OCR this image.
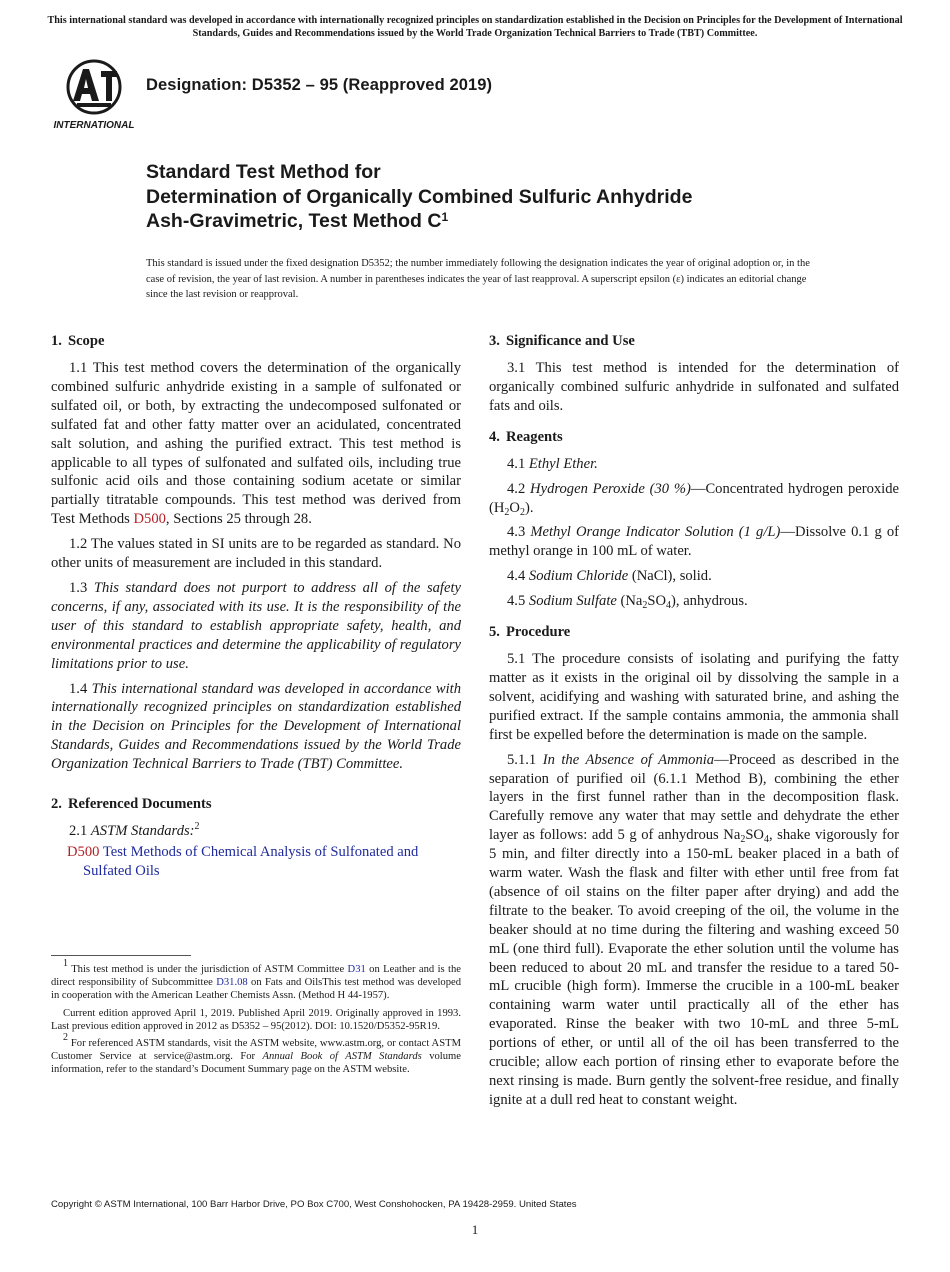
This international standard was developed in accordance with internationally recognized principles on standardization established in the Decision on Principles for the Development of International Standards, Guides and Recommendations issued by the World Trade Organization Technical Barriers to Trade (TBT) Committee.
INTERNATIONAL
Designation: D5352 – 95 (Reapproved 2019)
Standard Test Method for
Determination of Organically Combined Sulfuric Anhydride
Ash-Gravimetric, Test Method $C^1$
This standard is issued under the fixed designation D5352; the number immediately following the designation indicates the year of original adoption or, in the case of revision, the year of last revision. A number in parentheses indicates the year of last reapproval. A superscript epsilon (ε) indicates an editorial change since the last revision or reapproval.
1. Scope

1.1 This test method covers the determination of the organically combined sulfuric anhydride existing in a sample of sulfonated or sulfated oil, or both, by extracting the undecomposed sulfonated or sulfated fat and other fatty matter over an acidulated, concentrated salt solution, and ashing the purified extract. This test method is applicable to all types of sulfonated and sulfated oils, including true sulfonic acid oils and those containing sodium acetate or similar partially titratable compounds. This test method was derived from Test Methods D500, Sections 25 through 28.

1.2 The values stated in SI units are to be regarded as standard. No other units of measurement are included in this standard.

1.3 This standard does not purport to address all of the safety concerns, if any, associated with its use. It is the responsibility of the user of this standard to establish appropriate safety, health, and environmental practices and determine the applicability of regulatory limitations prior to use.

1.4 This international standard was developed in accordance with internationally recognized principles on standardization established in the Decision on Principles for the Development of International Standards, Guides and Recommendations issued by the World Trade Organization Technical Barriers to Trade (TBT) Committee.

2. Referenced Documents

2.1 ASTM Standards:$^2$

D500 Test Methods of Chemical Analysis of Sulfonated and Sulfated Oils

$^1$ This test method is under the jurisdiction of ASTM Committee D31 on Leather and is the direct responsibility of Subcommittee D31.08 on Fats and OilsThis test method was developed in cooperation with the American Leather Chemists Assn. (Method H 44-1957).

Current edition approved April 1, 2019. Published April 2019. Originally approved in 1993. Last previous edition approved in 2012 as D5352 – 95(2012). DOI: 10.1520/D5352-95R19.

$^2$ For referenced ASTM standards, visit the ASTM website, www.astm.org, or contact ASTM Customer Service at service@astm.org. For Annual Book of ASTM Standards volume information, refer to the standard’s Document Summary page on the ASTM website.

3. Significance and Use

3.1 This test method is intended for the determination of organically combined sulfuric anhydride in sulfonated and sulfated fats and oils.

4. Reagents

4.1 Ethyl Ether.

4.2 Hydrogen Peroxide (30 %)—Concentrated hydrogen peroxide $(H_2O_2)$.

4.3 Methyl Orange Indicator Solution (1 g/L)—Dissolve 0.1 g of methyl orange in 100 mL of water.

4.4 Sodium Chloride (NaCl), solid.

4.5 Sodium Sulfate $(Na_2SO_4)$, anhydrous.

5. Procedure

5.1 The procedure consists of isolating and purifying the fatty matter as it exists in the original oil by dissolving the sample in a solvent, acidifying and washing with saturated brine, and ashing the purified extract. If the sample contains ammonia, the ammonia shall first be expelled before the determination is made on the sample.

5.1.1 In the Absence of Ammonia—Proceed as described in the separation of purified oil (6.1.1 Method B), combining the ether layers in the first funnel rather than in the decomposition flask. Carefully remove any water that may settle and dehydrate the ether layer as follows: add 5 g of anhydrous $Na_2SO_4$, shake vigorously for 5 min, and filter directly into a 150-mL beaker placed in a bath of warm water. Wash the flask and filter with ether until free from fat (absence of oil stains on the filter paper after drying) and add the filtrate to the beaker. To avoid creeping of the oil, the volume in the beaker should at no time during the filtering and washing exceed 50 mL (one third full). Evaporate the ether solution until the volume has been reduced to about 20 mL and transfer the residue to a tared 50-mL crucible (high form). Immerse the crucible in a 100-mL beaker containing warm water until practically all of the ether has evaporated. Rinse the beaker with two 10-mL and three 5-mL portions of ether, or until all of the oil has been transferred to the crucible; allow each portion of rinsing ether to evaporate before the next rinsing is made. Burn gently the solvent-free residue, and finally ignite at a dull red heat to constant weight.

Copyright © ASTM International, 100 Barr Harbor Drive, PO Box C700, West Conshohocken, PA 19428-2959. United States
1
